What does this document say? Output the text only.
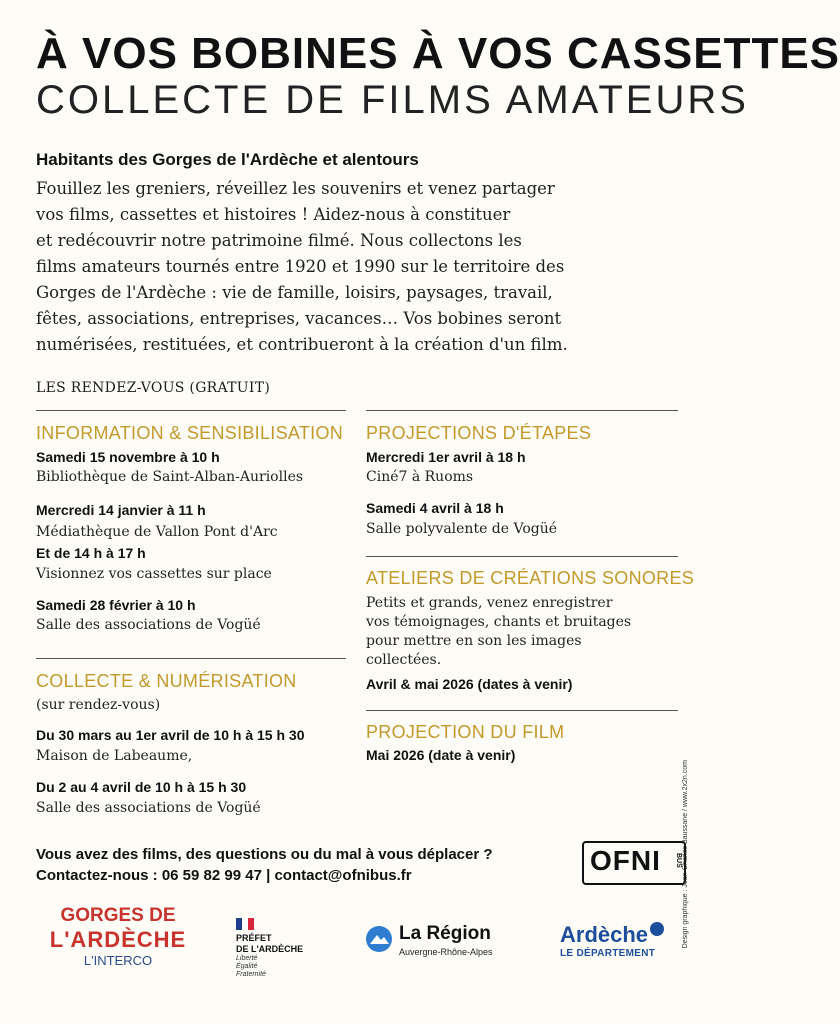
À VOS BOBINES À VOS CASSETTES
COLLECTE DE FILMS AMATEURS
Habitants des Gorges de l'Ardèche et alentours
Fouillez les greniers, réveillez les souvenirs et venez partager
vos films, cassettes et histoires ! Aidez-nous à constituer
et redécouvrir notre patrimoine filmé. Nous collectons les
films amateurs tournés entre 1920 et 1990 sur le territoire des
Gorges de l'Ardèche : vie de famille, loisirs, paysages, travail,
fêtes, associations, entreprises, vacances… Vos bobines seront
numérisées, restituées, et contribueront à la création d'un film.
LES RENDEZ-VOUS (GRATUIT)
INFORMATION & SENSIBILISATION
Samedi 15 novembre à 10 h
Bibliothèque de Saint-Alban-Auriolles
Mercredi 14 janvier à 11 h
Médiathèque de Vallon Pont d'Arc
Et de 14 h à 17 h
Visionnez vos cassettes sur place
Samedi 28 février à 10 h
Salle des associations de Vogüé
COLLECTE & NUMÉRISATION
(sur rendez-vous)
Du 30 mars au 1er avril de 10 h à 15 h 30
Maison de Labeaume,
Du 2 au 4 avril de 10 h à 15 h 30
Salle des associations de Vogüé
PROJECTIONS D'ÉTAPES
Mercredi 1er avril à 18 h
Ciné7 à Ruoms
Samedi 4 avril à 18 h
Salle polyvalente de Vogüé
ATELIERS DE CRÉATIONS SONORES
Petits et grands, venez enregistrer
vos témoignages, chants et bruitages
pour mettre en son les images
collectées.
Avril & mai 2026 (dates à venir)
PROJECTION DU FILM
Mai 2026 (date à venir)
Vous avez des films, des questions ou du mal à vous déplacer ?
Contactez-nous : 06 59 82 99 47 | contact@ofnibus.fr	OFNI BUS
GORGES DE
L'ARDÈCHE
L'INTERCO
PRÉFET
DE L'ARDÈCHE
Liberté
Égalité
Fraternité
La Région
Auvergne-Rhône-Alpes
Ardèche
LE DÉPARTEMENT
Design graphique : Jean-Charles Baussane / www.2x2n.com
